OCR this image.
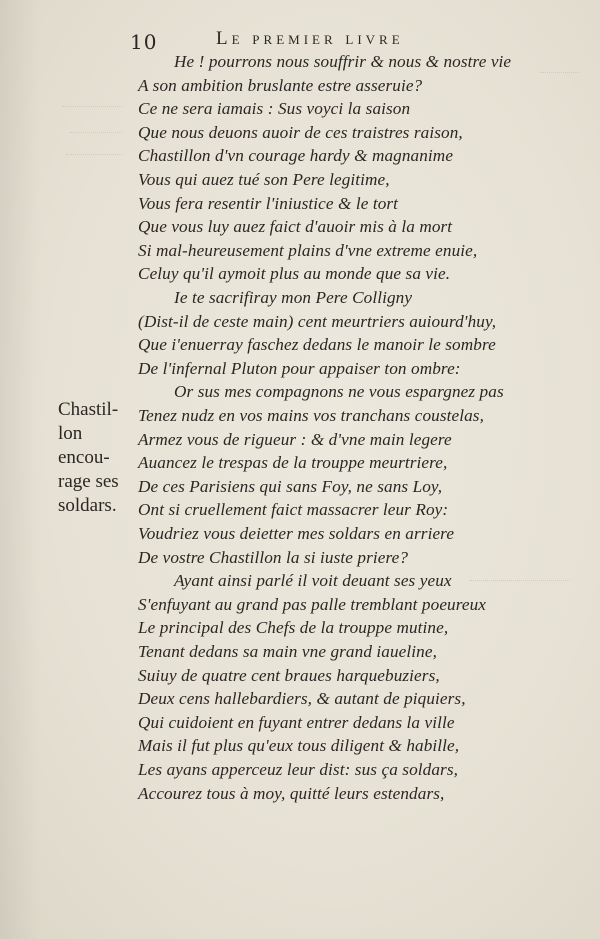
10	Le premier livre
He ! pourrons nous souffrir & nous & nostre vie
A son ambition bruslante estre asseruie?
Ce ne sera iamais : Sus voyci la saison
Que nous deuons auoir de ces traistres raison,
Chastillon d'vn courage hardy & magnanime
Vous qui auez tué son Pere legitime,
Vous fera resentir l'iniustice & le tort
Que vous luy auez faict d'auoir mis à la mort
Si mal-heureusement plains d'vne extreme enuie,
Celuy qu'il aymoit plus au monde que sa vie.
Ie te sacrifiray mon Pere Colligny
(Dist-il de ceste main) cent meurtriers auiourd'huy,
Que i'enuerray faschez dedans le manoir le sombre
De l'infernal Pluton pour appaiser ton ombre:
Or sus mes compagnons ne vous espargnez pas
Tenez nudz en vos mains vos tranchans coustelas,
Armez vous de rigueur : & d'vne main legere
Auancez le trespas de la trouppe meurtriere,
De ces Parisiens qui sans Foy, ne sans Loy,
Ont si cruellement faict massacrer leur Roy:
Voudriez vous deietter mes soldars en arriere
De vostre Chastillon la si iuste priere?
Ayant ainsi parlé il voit deuant ses yeux
S'enfuyant au grand pas palle tremblant poeureux
Le principal des Chefs de la trouppe mutine,
Tenant dedans sa main vne grand iaueline,
Suiuy de quatre cent braues harquebuziers,
Deux cens hallebardiers, & autant de piquiers,
Qui cuidoient en fuyant entrer dedans la ville
Mais il fut plus qu'eux tous diligent & habille,
Les ayans apperceuz leur dist: sus ça soldars,
Accourez tous à moy, quitté leurs estendars,
Chastil-
lon
encou-
rage ses
soldars.
